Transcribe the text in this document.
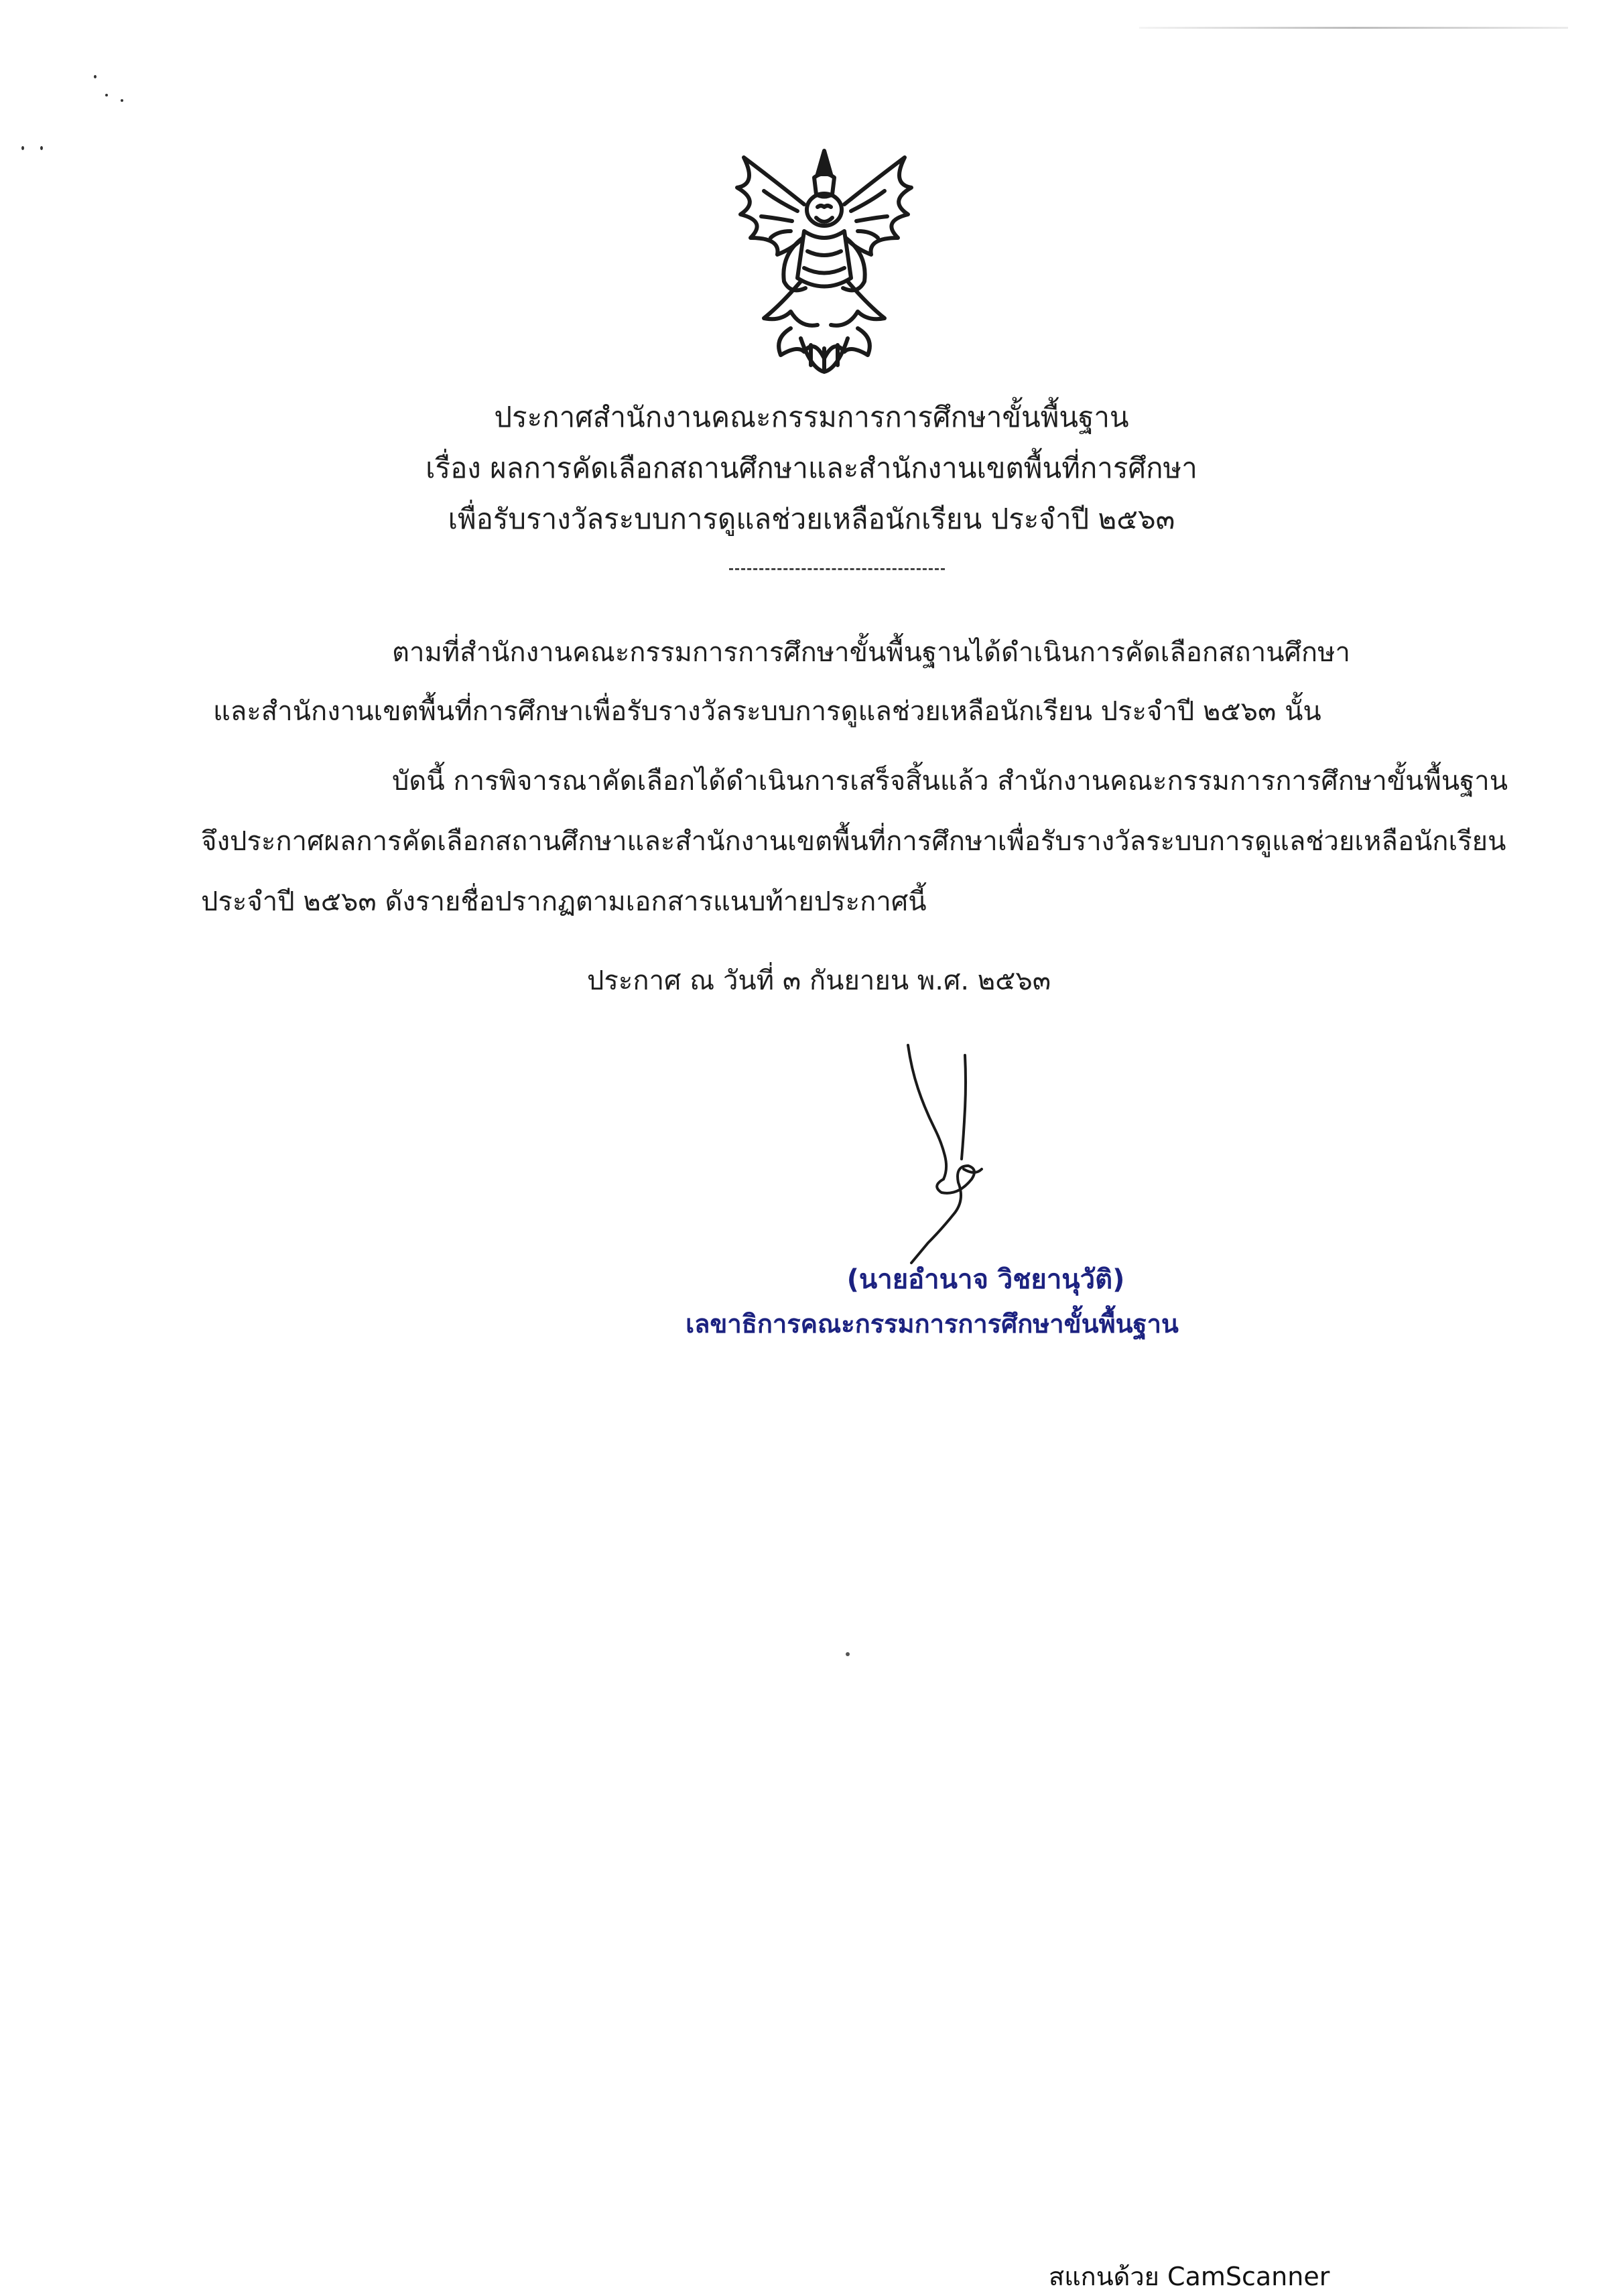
ประกาศสำนักงานคณะกรรมการการศึกษาขั้นพื้นฐาน
เรื่อง ผลการคัดเลือกสถานศึกษาและสำนักงานเขตพื้นที่การศึกษา
เพื่อรับรางวัลระบบการดูแลช่วยเหลือนักเรียน ประจำปี ๒๕๖๓
ตามที่สำนักงานคณะกรรมการการศึกษาขั้นพื้นฐานได้ดำเนินการคัดเลือกสถานศึกษา
และสำนักงานเขตพื้นที่การศึกษาเพื่อรับรางวัลระบบการดูแลช่วยเหลือนักเรียน ประจำปี ๒๕๖๓ นั้น
บัดนี้ การพิจารณาคัดเลือกได้ดำเนินการเสร็จสิ้นแล้ว สำนักงานคณะกรรมการการศึกษาขั้นพื้นฐาน
จึงประกาศผลการคัดเลือกสถานศึกษาและสำนักงานเขตพื้นที่การศึกษาเพื่อรับรางวัลระบบการดูแลช่วยเหลือนักเรียน
ประจำปี ๒๕๖๓ ดังรายชื่อปรากฏตามเอกสารแนบท้ายประกาศนี้
ประกาศ ณ วันที่ ๓ กันยายน พ.ศ. ๒๕๖๓
(นายอำนาจ วิชยานุวัติ)
เลขาธิการคณะกรรมการการศึกษาขั้นพื้นฐาน
สแกนด้วย CamScanner
